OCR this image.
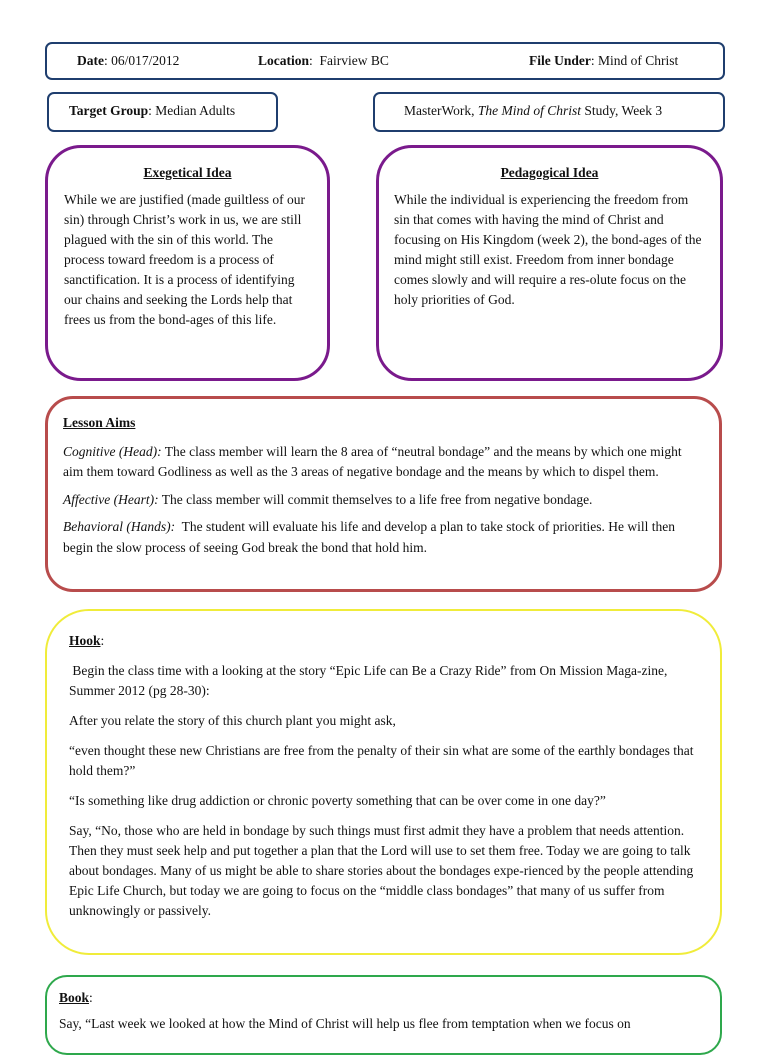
Date: 06/017/2012	Location:  Fairview BC	File Under: Mind of Christ
Target Group: Median Adults	MasterWork, The Mind of Christ Study, Week 3
Exegetical Idea
While we are justified (made guiltless of our sin) through Christ’s work in us, we are still plagued with the sin of this world. The process toward freedom is a process of sanctification. It is a process of identifying our chains and seeking the Lords help that frees us from the bond-ages of this life.
Pedagogical Idea
While the individual is experiencing the freedom from sin that comes with having the mind of Christ and focusing on His Kingdom (week 2), the bond-ages of the mind might still exist. Freedom from inner bondage comes slowly and will require a res-olute focus on the holy priorities of God.
Lesson Aims

Cognitive (Head): The class member will learn the 8 area of “neutral bondage” and the means by which one might aim them toward Godliness as well as the 3 areas of negative bondage and the means by which to dispel them.

Affective (Heart): The class member will commit themselves to a life free from negative bondage.

Behavioral (Hands):  The student will evaluate his life and develop a plan to take stock of priorities. He will then begin the slow process of seeing God break the bond that hold him.

Hook:

Begin the class time with a looking at the story “Epic Life can Be a Crazy Ride” from On Mission Maga-zine, Summer 2012 (pg 28-30):

After you relate the story of this church plant you might ask,

“even thought these new Christians are free from the penalty of their sin what are some of the earthly bondages that hold them?”

“Is something like drug addiction or chronic poverty something that can be over come in one day?”

Say, “No, those who are held in bondage by such things must first admit they have a problem that needs attention. Then they must seek help and put together a plan that the Lord will use to set them free. Today we are going to talk about bondages. Many of us might be able to share stories about the bondages expe-rienced by the people attending Epic Life Church, but today we are going to focus on the “middle class bondages” that many of us suffer from unknowingly or passively.

Book:

Say, “Last week we looked at how the Mind of Christ will help us flee from temptation when we focus on
